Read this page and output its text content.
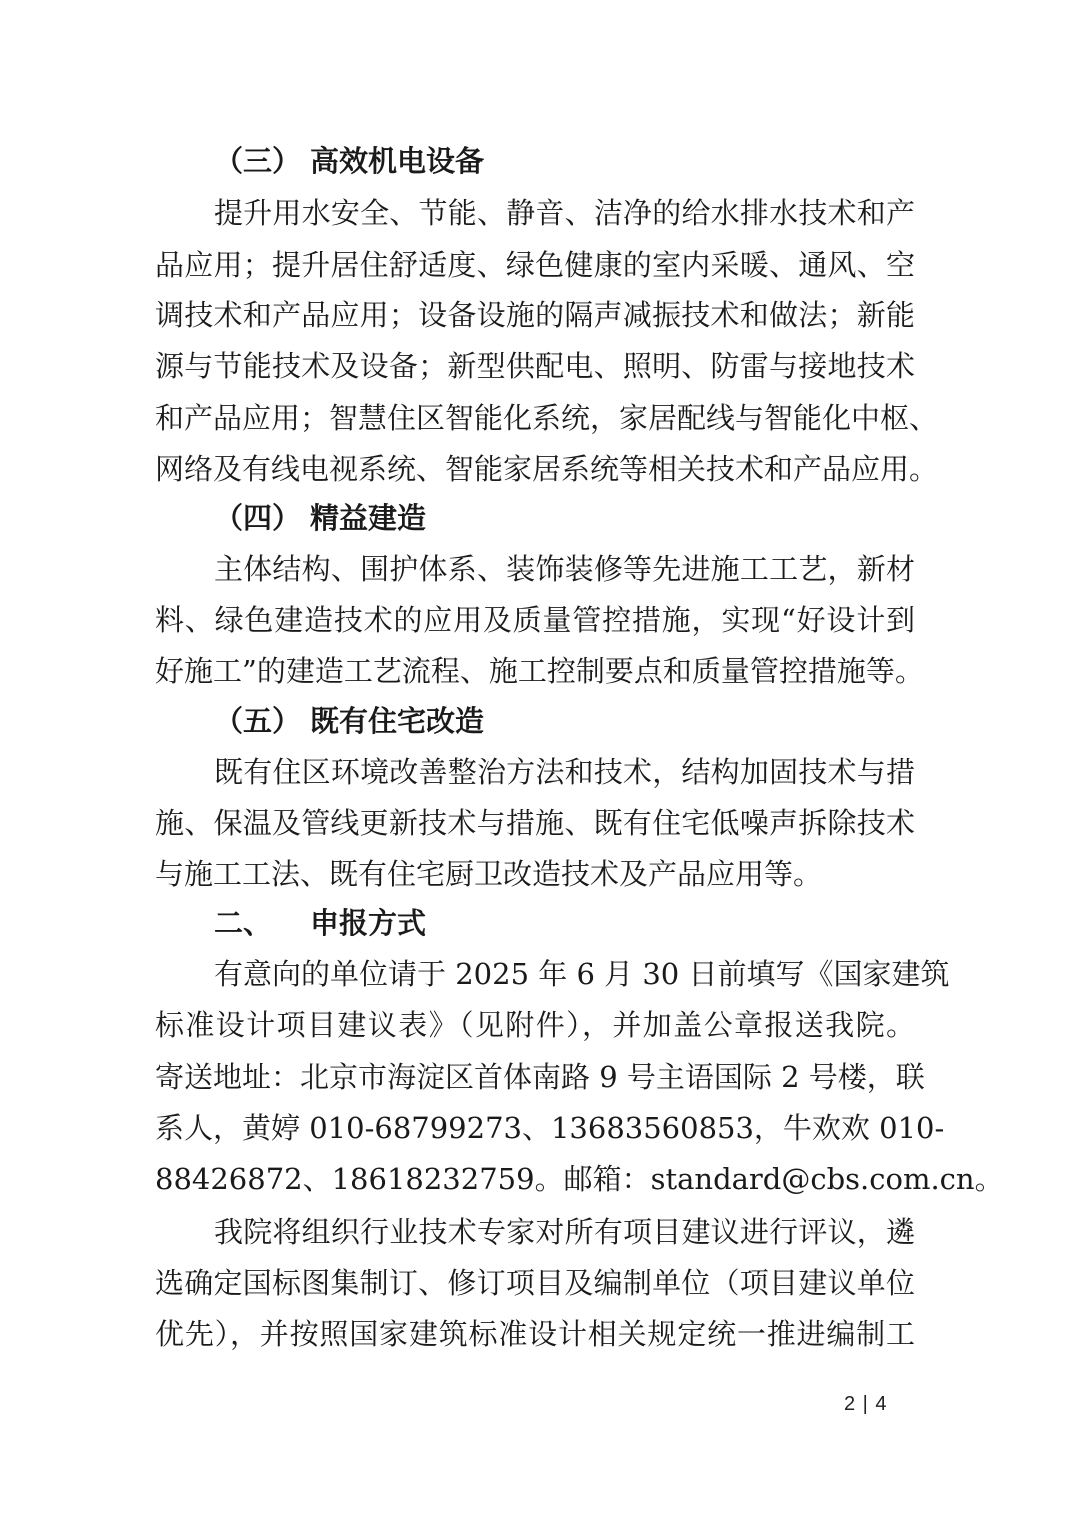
（三） 高效机电设备
提升用水安全、节能、静音、洁净的给水排水技术和产
品应用；提升居住舒适度、绿色健康的室内采暖、通风、空
调技术和产品应用；设备设施的隔声减振技术和做法；新能
源与节能技术及设备；新型供配电、照明、防雷与接地技术
和产品应用；智慧住区智能化系统，家居配线与智能化中枢、
网络及有线电视系统、智能家居系统等相关技术和产品应用。
（四） 精益建造
主体结构、围护体系、装饰装修等先进施工工艺，新材
料、绿色建造技术的应用及质量管控措施，实现“好设计到
好施工”的建造工艺流程、施工控制要点和质量管控措施等。
（五） 既有住宅改造
既有住区环境改善整治方法和技术，结构加固技术与措
施、保温及管线更新技术与措施、既有住宅低噪声拆除技术
与施工工法、既有住宅厨卫改造技术及产品应用等。
二、 申报方式
有意向的单位请于 2025 年 6 月 30 日前填写《国家建筑
标准设计项目建议表》（见附件），并加盖公章报送我院。
寄送地址：北京市海淀区首体南路 9 号主语国际 2 号楼，联
系人，黄婷 010-68799273、13683560853，牛欢欢 010-
88426872、18618232759。邮箱：standard@cbs.com.cn。
我院将组织行业技术专家对所有项目建议进行评议，遴
选确定国标图集制订、修订项目及编制单位（项目建议单位
优先），并按照国家建筑标准设计相关规定统一推进编制工
2 | 4
